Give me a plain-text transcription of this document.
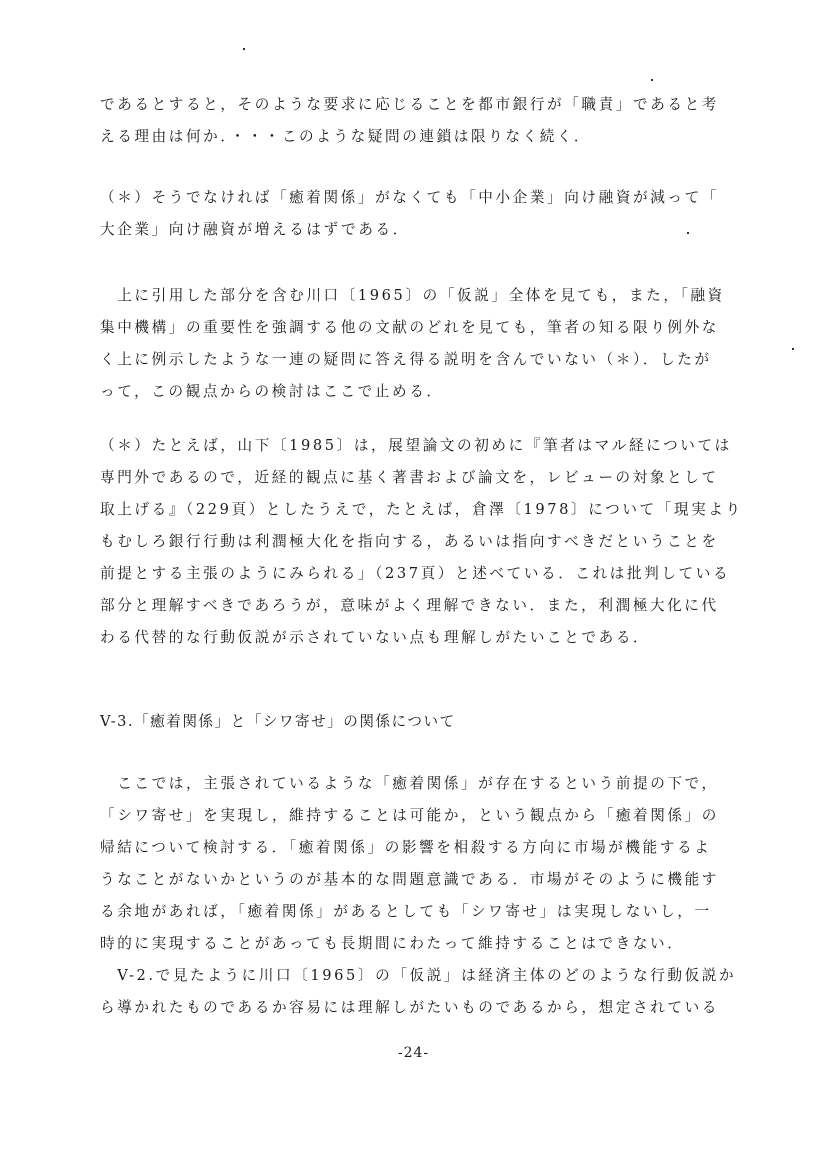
であるとすると，そのような要求に応じることを都市銀行が「職責」であると考
える理由は何か．・・・このような疑問の連鎖は限りなく続く．
（＊）そうでなければ「癒着関係」がなくても「中小企業」向け融資が減って「
大企業」向け融資が増えるはずである．
　上に引用した部分を含む川口〔1965〕の「仮説」全体を見ても，また，「融資
集中機構」の重要性を強調する他の文献のどれを見ても，筆者の知る限り例外な
く上に例示したような一連の疑問に答え得る説明を含んでいない（＊）．したが
って，この観点からの検討はここで止める．
（＊）たとえば，山下〔1985〕は，展望論文の初めに『筆者はマル経については
専門外であるので，近経的観点に基く著書および論文を，レビューの対象として
取上げる』（229頁）としたうえで，たとえば，倉澤〔1978〕について「現実より
もむしろ銀行行動は利潤極大化を指向する，あるいは指向すべきだということを
前提とする主張のようにみられる」（237頁）と述べている．これは批判している
部分と理解すべきであろうが，意味がよく理解できない．また，利潤極大化に代
わる代替的な行動仮説が示されていない点も理解しがたいことである．
V-3.「癒着関係」と「シワ寄せ」の関係について
　ここでは，主張されているような「癒着関係」が存在するという前提の下で，
「シワ寄せ」を実現し，維持することは可能か，という観点から「癒着関係」の
帰結について検討する．「癒着関係」の影響を相殺する方向に市場が機能するよ
うなことがないかというのが基本的な問題意識である．市場がそのように機能す
る余地があれば，「癒着関係」があるとしても「シワ寄せ」は実現しないし，一
時的に実現することがあっても長期間にわたって維持することはできない．
　V-2.で見たように川口〔1965〕の「仮説」は経済主体のどのような行動仮説か
ら導かれたものであるか容易には理解しがたいものであるから，想定されている
-24-
